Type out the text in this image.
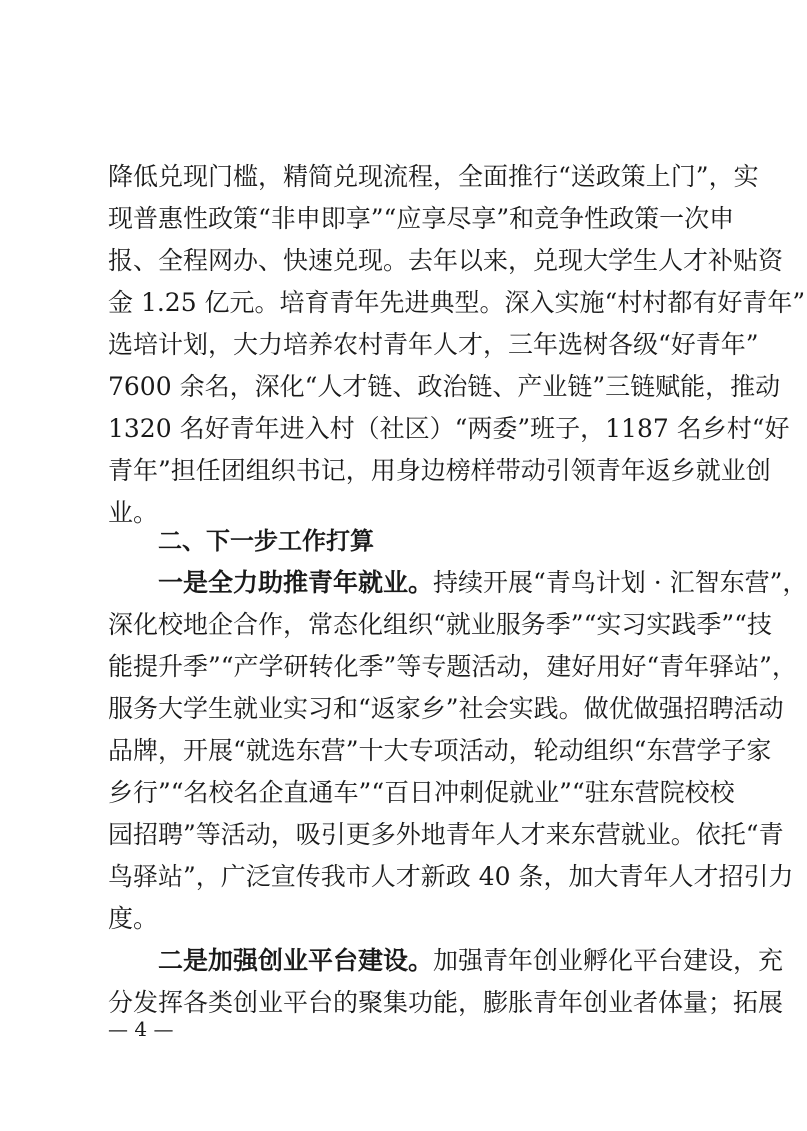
降低兑现门槛，精简兑现流程，全面推行“送政策上门”，实
现普惠性政策“非申即享”“应享尽享”和竞争性政策一次申
报、全程网办、快速兑现。去年以来，兑现大学生人才补贴资
金 1.25 亿元。培育青年先进典型。深入实施“村村都有好青年”
选培计划，大力培养农村青年人才，三年选树各级“好青年”
7600 余名，深化“人才链、政治链、产业链”三链赋能，推动
1320 名好青年进入村（社区）“两委”班子，1187 名乡村“好
青年”担任团组织书记，用身边榜样带动引领青年返乡就业创
业。
二、下一步工作打算
一是全力助推青年就业。持续开展“青鸟计划 · 汇智东营”，
深化校地企合作，常态化组织“就业服务季”“实习实践季”“技
能提升季”“产学研转化季”等专题活动，建好用好“青年驿站”，
服务大学生就业实习和“返家乡”社会实践。做优做强招聘活动
品牌，开展“就选东营”十大专项活动，轮动组织“东营学子家
乡行”“名校名企直通车”“百日冲刺促就业”“驻东营院校校
园招聘”等活动，吸引更多外地青年人才来东营就业。依托“青
鸟驿站”，广泛宣传我市人才新政 40 条，加大青年人才招引力
度。
二是加强创业平台建设。加强青年创业孵化平台建设，充
分发挥各类创业平台的聚集功能，膨胀青年创业者体量；拓展
— 4 —
